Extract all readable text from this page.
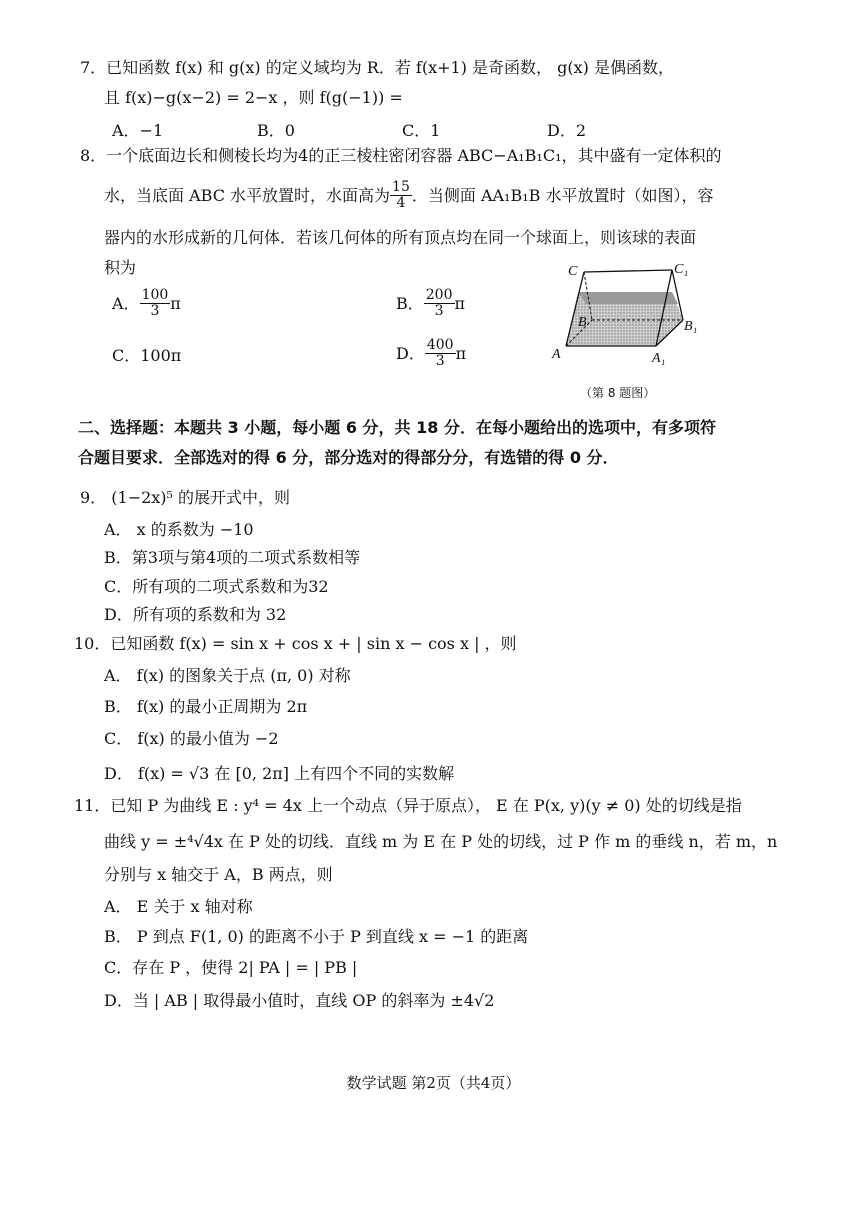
7．已知函数 f(x) 和 g(x) 的定义域均为 R．若 f(x+1) 是奇函数， g(x) 是偶函数，
且 f(x)−g(x−2) = 2−x ，则 f(g(−1)) =
A．−1	B．0	C．1	D．2
8．一个底面边长和侧棱长均为4的正三棱柱密闭容器 ABC−A₁B₁C₁，其中盛有一定体积的
水，当底面 ABC 水平放置时，水面高为 $\frac{15}{4}$ ．当侧面 AA₁B₁B 水平放置时（如图），容
器内的水形成新的几何体．若该几何体的所有顶点均在同一个球面上，则该球的表面
积为
A． $\frac{100}{3}$ π	B． $\frac{200}{3}$ π
C．100π	D． $\frac{400}{3}$ π
C	C₁
B	B₁
A	A₁
（第 8 题图）
二、选择题：本题共 3 小题，每小题 6 分，共 18 分．在每小题给出的选项中，有多项符
合题目要求．全部选对的得 6 分，部分选对的得部分分，有选错的得 0 分．
9． (1−2x)⁵ 的展开式中，则
A． x 的系数为 −10
B．第3项与第4项的二项式系数相等
C．所有项的二项式系数和为32
D．所有项的系数和为 32
10．已知函数 f(x) = sin x + cos x + | sin x − cos x | ，则
A． f(x) 的图象关于点 (π, 0) 对称
B． f(x) 的最小正周期为 2π
C． f(x) 的最小值为 −2
D． f(x) = √3 在 [0, 2π] 上有四个不同的实数解
11．已知 P 为曲线 E : y⁴ = 4x 上一个动点（异于原点）， E 在 P(x, y)(y ≠ 0) 处的切线是指
曲线 y = ±⁴√4x 在 P 处的切线．直线 m 为 E 在 P 处的切线，过 P 作 m 的垂线 n，若 m，n
分别与 x 轴交于 A，B 两点，则
A． E 关于 x 轴对称
B． P 到点 F(1, 0) 的距离不小于 P 到直线 x = −1 的距离
C．存在 P ，使得 2| PA | = | PB |
D．当 | AB | 取得最小值时，直线 OP 的斜率为 ±4√2
数学试题 第2页（共4页）
